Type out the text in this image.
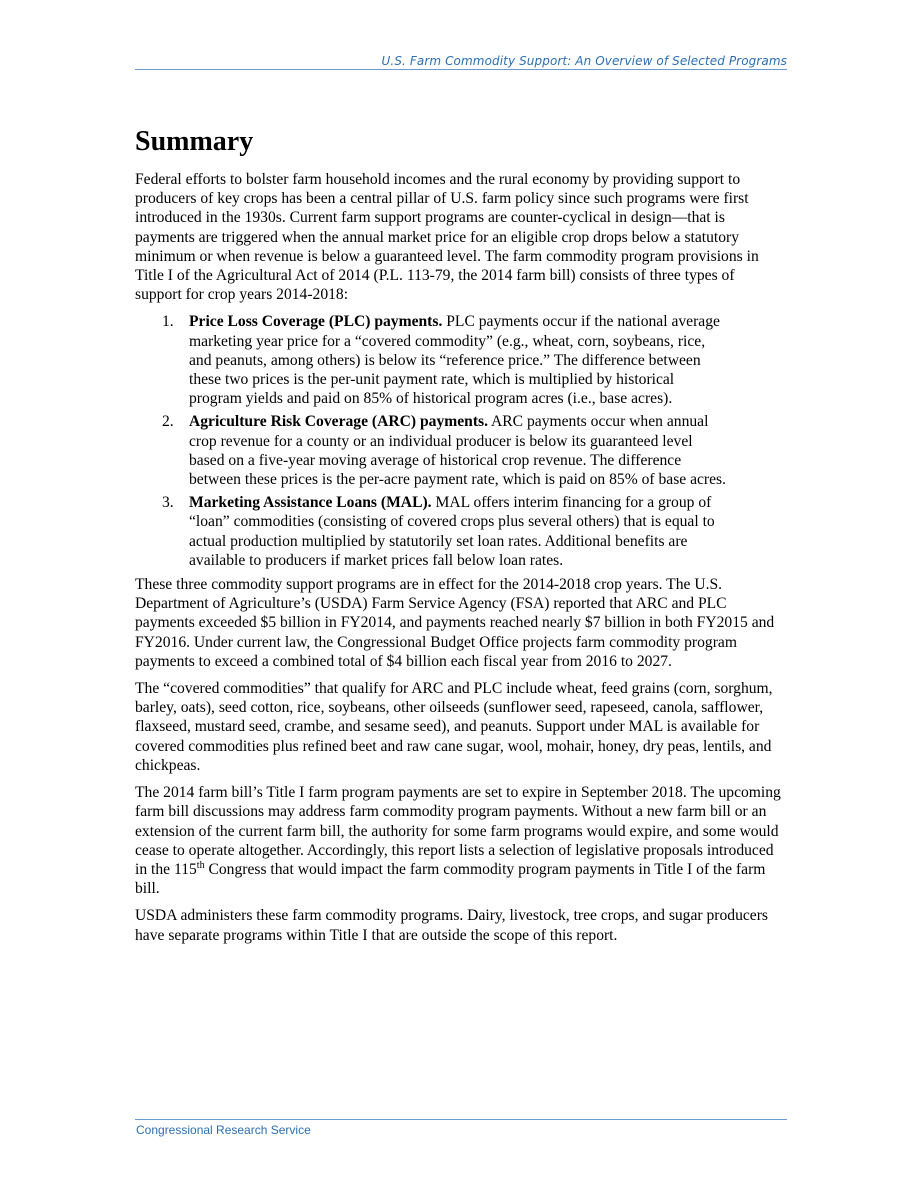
U.S. Farm Commodity Support: An Overview of Selected Programs
Summary

Federal efforts to bolster farm household incomes and the rural economy by providing support to producers of key crops has been a central pillar of U.S. farm policy since such programs were first introduced in the 1930s. Current farm support programs are counter-cyclical in design—that is payments are triggered when the annual market price for an eligible crop drops below a statutory minimum or when revenue is below a guaranteed level. The farm commodity program provisions in Title I of the Agricultural Act of 2014 (P.L. 113-79, the 2014 farm bill) consists of three types of support for crop years 2014-2018:

1. Price Loss Coverage (PLC) payments. PLC payments occur if the national average marketing year price for a “covered commodity” (e.g., wheat, corn, soybeans, rice, and peanuts, among others) is below its “reference price.” The difference between these two prices is the per-unit payment rate, which is multiplied by historical program yields and paid on 85% of historical program acres (i.e., base acres).
2. Agriculture Risk Coverage (ARC) payments. ARC payments occur when annual crop revenue for a county or an individual producer is below its guaranteed level based on a five-year moving average of historical crop revenue. The difference between these prices is the per-acre payment rate, which is paid on 85% of base acres.
3. Marketing Assistance Loans (MAL). MAL offers interim financing for a group of “loan” commodities (consisting of covered crops plus several others) that is equal to actual production multiplied by statutorily set loan rates. Additional benefits are available to producers if market prices fall below loan rates.

These three commodity support programs are in effect for the 2014-2018 crop years. The U.S. Department of Agriculture’s (USDA) Farm Service Agency (FSA) reported that ARC and PLC payments exceeded $5 billion in FY2014, and payments reached nearly $7 billion in both FY2015 and FY2016. Under current law, the Congressional Budget Office projects farm commodity program payments to exceed a combined total of $4 billion each fiscal year from 2016 to 2027.

The “covered commodities” that qualify for ARC and PLC include wheat, feed grains (corn, sorghum, barley, oats), seed cotton, rice, soybeans, other oilseeds (sunflower seed, rapeseed, canola, safflower, flaxseed, mustard seed, crambe, and sesame seed), and peanuts. Support under MAL is available for covered commodities plus refined beet and raw cane sugar, wool, mohair, honey, dry peas, lentils, and chickpeas.

The 2014 farm bill’s Title I farm program payments are set to expire in September 2018. The upcoming farm bill discussions may address farm commodity program payments. Without a new farm bill or an extension of the current farm bill, the authority for some farm programs would expire, and some would cease to operate altogether. Accordingly, this report lists a selection of legislative proposals introduced in the 115th Congress that would impact the farm commodity program payments in Title I of the farm bill.

USDA administers these farm commodity programs. Dairy, livestock, tree crops, and sugar producers have separate programs within Title I that are outside the scope of this report.

Congressional Research Service
